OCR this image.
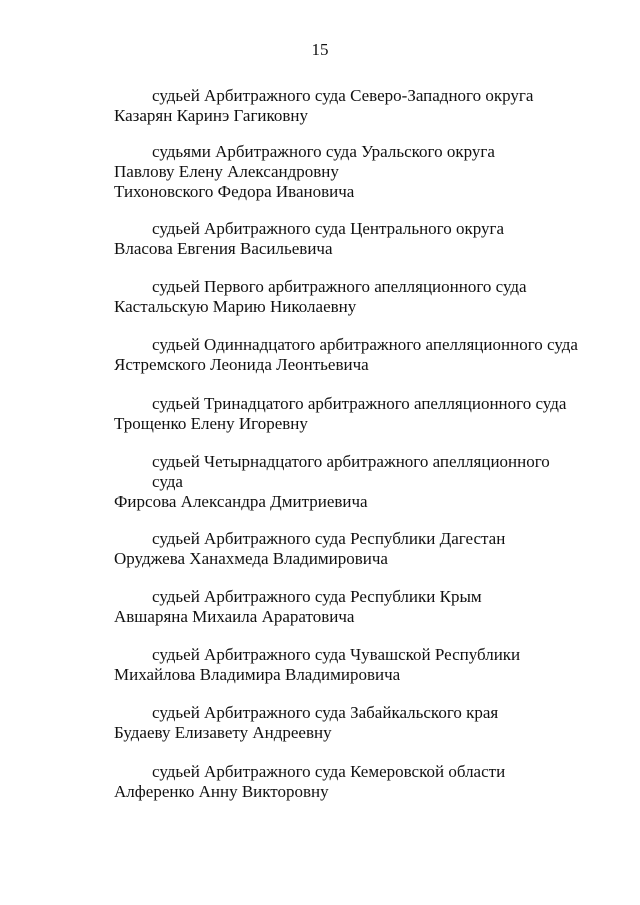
15
судьей Арбитражного суда Северо-Западного округа
Казарян Каринэ Гагиковну
судьями Арбитражного суда Уральского округа
Павлову Елену Александровну
Тихоновского Федора Ивановича
судьей Арбитражного суда Центрального округа
Власова Евгения Васильевича
судьей Первого арбитражного апелляционного суда
Кастальскую Марию Николаевну
судьей Одиннадцатого арбитражного апелляционного суда
Ястремского Леонида Леонтьевича
судьей Тринадцатого арбитражного апелляционного суда
Трощенко Елену Игоревну
судьей Четырнадцатого арбитражного апелляционного суда
Фирсова Александра Дмитриевича
судьей Арбитражного суда Республики Дагестан
Оруджева Ханахмеда Владимировича
судьей Арбитражного суда Республики Крым
Авшаряна Михаила Араратовича
судьей Арбитражного суда Чувашской Республики
Михайлова Владимира Владимировича
судьей Арбитражного суда Забайкальского края
Будаеву Елизавету Андреевну
судьей Арбитражного суда Кемеровской области
Алференко Анну Викторовну
